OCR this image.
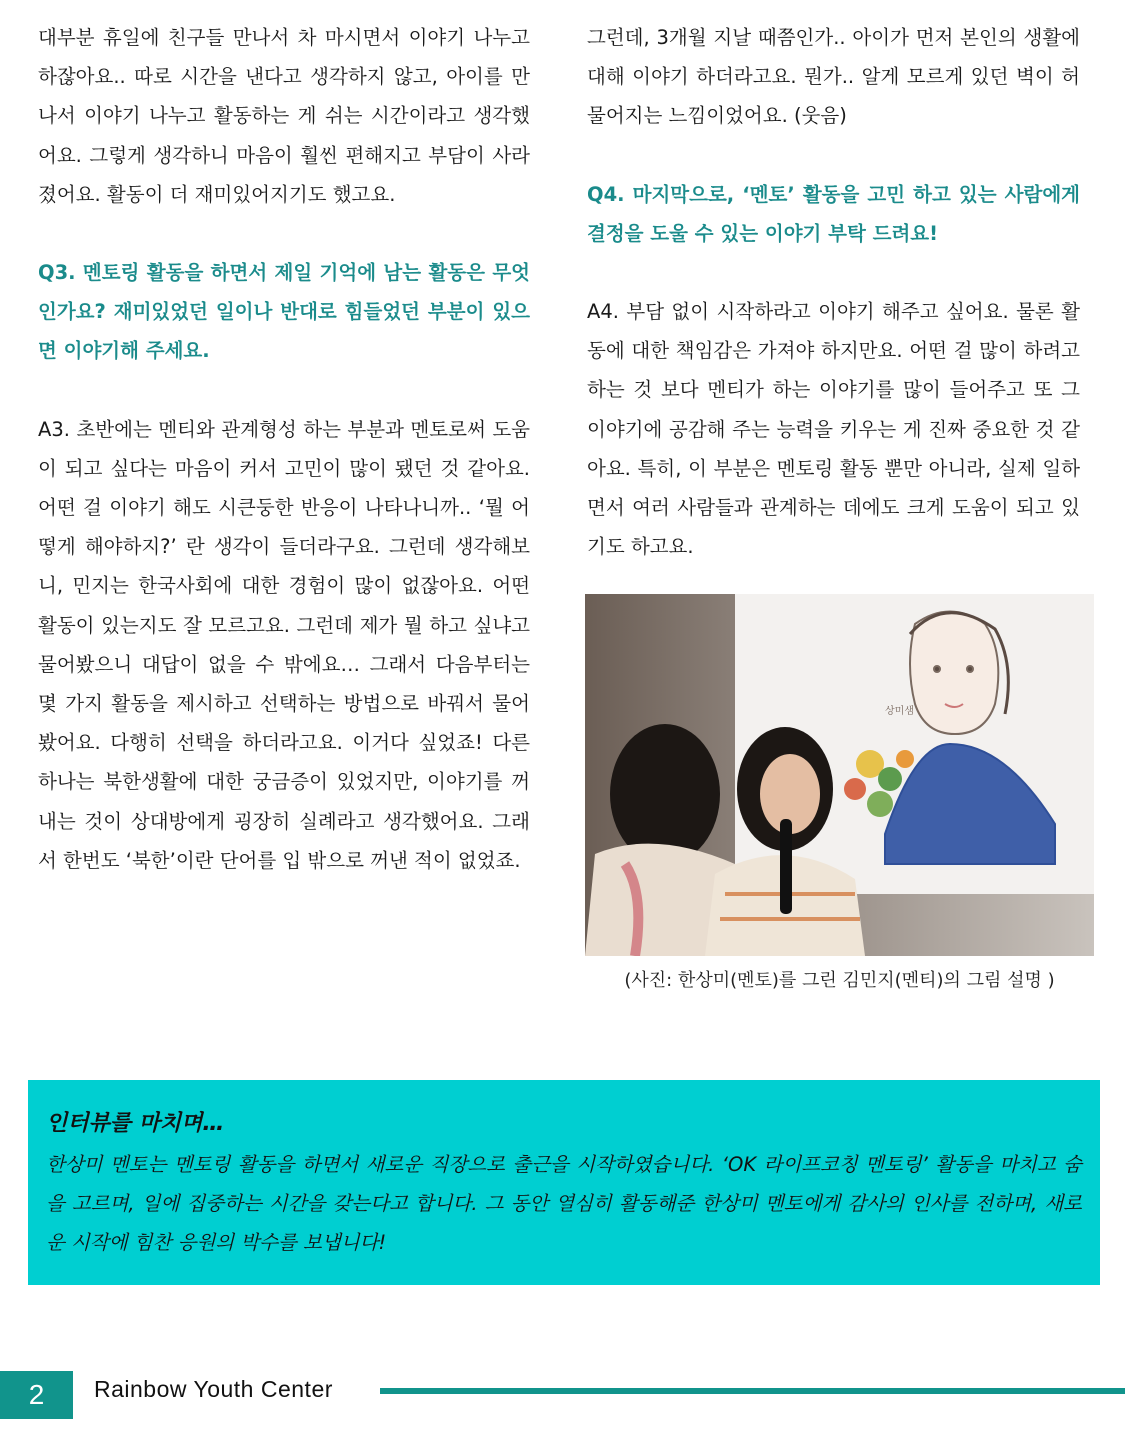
대부분 휴일에 친구들 만나서 차 마시면서 이야기 나누고 하잖아요.. 따로 시간을 낸다고 생각하지 않고, 아이를 만나서 이야기 나누고 활동하는 게 쉬는 시간이라고 생각했어요. 그렇게 생각하니 마음이 훨씬 편해지고 부담이 사라졌어요. 활동이 더 재미있어지기도 했고요.

Q3. 멘토링 활동을 하면서 제일 기억에 남는 활동은 무엇인가요? 재미있었던 일이나 반대로 힘들었던 부분이 있으면 이야기해 주세요.

A3. 초반에는 멘티와 관계형성 하는 부분과 멘토로써 도움이 되고 싶다는 마음이 커서 고민이 많이 됐던 것 같아요. 어떤 걸 이야기 해도 시큰둥한 반응이 나타나니까.. ‘뭘 어떻게 해야하지?’ 란 생각이 들더라구요. 그런데 생각해보니, 민지는 한국사회에 대한 경험이 많이 없잖아요. 어떤 활동이 있는지도 잘 모르고요. 그런데 제가 뭘 하고 싶냐고 물어봤으니 대답이 없을 수 밖에요… 그래서 다음부터는 몇 가지 활동을 제시하고 선택하는 방법으로 바꿔서 물어봤어요. 다행히 선택을 하더라고요. 이거다 싶었죠! 다른 하나는 북한생활에 대한 궁금증이 있었지만, 이야기를 꺼내는 것이 상대방에게 굉장히 실례라고 생각했어요. 그래서 한번도 ‘북한’이란 단어를 입 밖으로 꺼낸 적이 없었죠.

그런데, 3개월 지날 때쯤인가.. 아이가 먼저 본인의 생활에 대해 이야기 하더라고요. 뭔가.. 알게 모르게 있던 벽이 허물어지는 느낌이었어요. (웃음)

Q4. 마지막으로, ‘멘토’ 활동을 고민 하고 있는 사람에게 결정을 도울 수 있는 이야기 부탁 드려요!

A4. 부담 없이 시작하라고 이야기 해주고 싶어요. 물론 활동에 대한 책임감은 가져야 하지만요. 어떤 걸 많이 하려고 하는 것 보다 멘티가 하는 이야기를 많이 들어주고 또 그 이야기에 공감해 주는 능력을 키우는 게 진짜 중요한 것 같아요. 특히, 이 부분은 멘토링 활동 뿐만 아니라, 실제 일하면서 여러 사람들과 관계하는 데에도 크게 도움이 되고 있기도 하고요.

상미샘
(사진: 한상미(멘토)를 그린 김민지(멘티)의 그림 설명 )

인터뷰를 마치며…

한상미 멘토는 멘토링 활동을 하면서 새로운 직장으로 출근을 시작하였습니다. ‘OK 라이프코칭 멘토링’ 활동을 마치고 숨을 고르며, 일에 집중하는 시간을 갖는다고 합니다. 그 동안 열심히 활동해준 한상미 멘토에게 감사의 인사를 전하며, 새로운 시작에 힘찬 응원의 박수를 보냅니다!

2	Rainbow Youth Center
